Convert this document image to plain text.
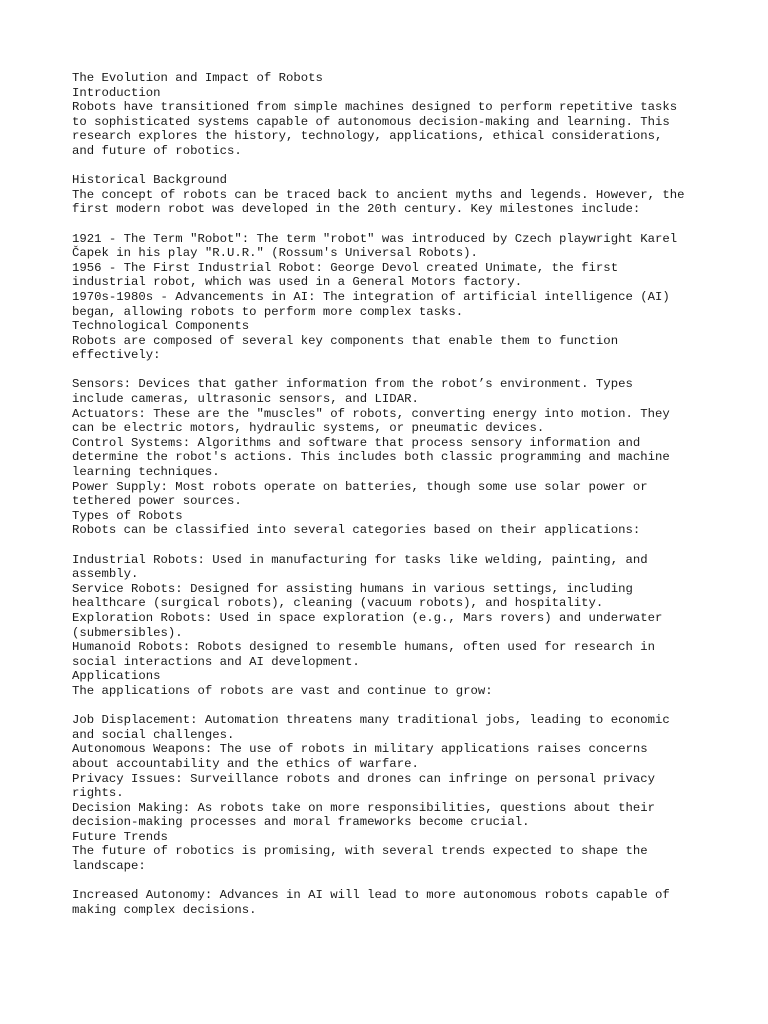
The Evolution and Impact of Robots
Introduction
Robots have transitioned from simple machines designed to perform repetitive tasks
to sophisticated systems capable of autonomous decision-making and learning. This
research explores the history, technology, applications, ethical considerations,
and future of robotics.
Historical Background
The concept of robots can be traced back to ancient myths and legends. However, the
first modern robot was developed in the 20th century. Key milestones include:
1921 - The Term "Robot": The term "robot" was introduced by Czech playwright Karel
Čapek in his play "R.U.R." (Rossum's Universal Robots).
1956 - The First Industrial Robot: George Devol created Unimate, the first
industrial robot, which was used in a General Motors factory.
1970s-1980s - Advancements in AI: The integration of artificial intelligence (AI)
began, allowing robots to perform more complex tasks.
Technological Components
Robots are composed of several key components that enable them to function
effectively:
Sensors: Devices that gather information from the robot’s environment. Types
include cameras, ultrasonic sensors, and LIDAR.
Actuators: These are the "muscles" of robots, converting energy into motion. They
can be electric motors, hydraulic systems, or pneumatic devices.
Control Systems: Algorithms and software that process sensory information and
determine the robot's actions. This includes both classic programming and machine
learning techniques.
Power Supply: Most robots operate on batteries, though some use solar power or
tethered power sources.
Types of Robots
Robots can be classified into several categories based on their applications:
Industrial Robots: Used in manufacturing for tasks like welding, painting, and
assembly.
Service Robots: Designed for assisting humans in various settings, including
healthcare (surgical robots), cleaning (vacuum robots), and hospitality.
Exploration Robots: Used in space exploration (e.g., Mars rovers) and underwater
(submersibles).
Humanoid Robots: Robots designed to resemble humans, often used for research in
social interactions and AI development.
Applications
The applications of robots are vast and continue to grow:
Job Displacement: Automation threatens many traditional jobs, leading to economic
and social challenges.
Autonomous Weapons: The use of robots in military applications raises concerns
about accountability and the ethics of warfare.
Privacy Issues: Surveillance robots and drones can infringe on personal privacy
rights.
Decision Making: As robots take on more responsibilities, questions about their
decision-making processes and moral frameworks become crucial.
Future Trends
The future of robotics is promising, with several trends expected to shape the
landscape:
Increased Autonomy: Advances in AI will lead to more autonomous robots capable of
making complex decisions.
